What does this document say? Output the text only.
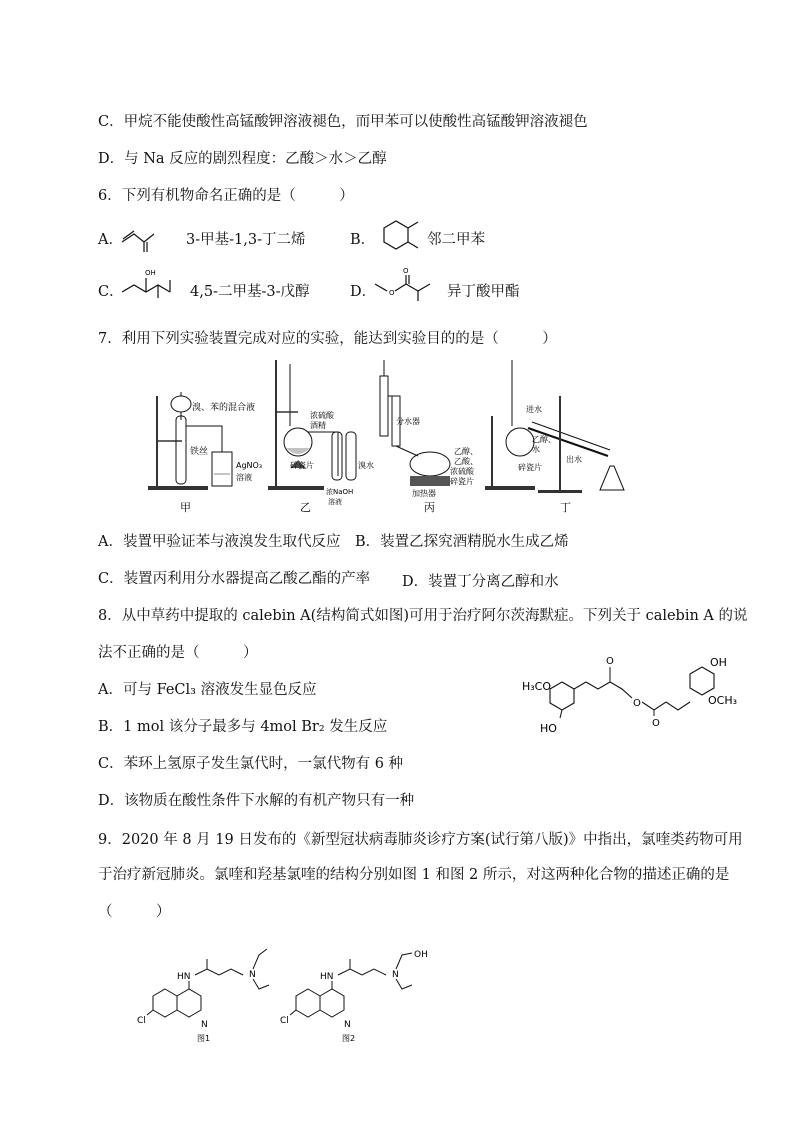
C．甲烷不能使酸性高锰酸钾溶液褪色，而甲苯可以使酸性高锰酸钾溶液褪色
D．与 Na 反应的剧烈程度：乙酸＞水＞乙醇
6．下列有机物命名正确的是（　　　）
A．	3-甲基-1,3-丁二烯	B．	邻二甲苯
C．
OH
4,5-二甲基-3-戊醇	D．
O
O	异丁酸甲酯
7．利用下列实验装置完成对应的实验，能达到实验目的的是（　　　）
溴、苯的混合液
铁丝
AgNO₃
溶液
甲
浓硫酸
酒精
碎瓷片	溴水
浓NaOH
溶液
乙
分水器
乙醇、
乙酸、
浓硫酸
碎瓷片
加热器
丙
进水
出水
乙醇、
水
碎瓷片
丁
A．装置甲验证苯与液溴发生取代反应　B．装置乙探究酒精脱水生成乙烯
C．装置丙利用分水器提高乙酸乙酯的产率 D．装置丁分离乙醇和水
8．从中草药中提取的 calebin A(结构简式如图)可用于治疗阿尔茨海默症。下列关于 calebin A 的说
法不正确的是（　　　）
A．可与 FeCl₃ 溶液发生显色反应
B．1 mol 该分子最多与 4mol Br₂ 发生反应
C．苯环上氢原子发生氯代时，一氯代物有 6 种
D．该物质在酸性条件下水解的有机产物只有一种
H₃CO
HO
O
O
O
OH
OCH₃
9．2020 年 8 月 19 日发布的《新型冠状病毒肺炎诊疗方案(试行第八版)》中指出，氯喹类药物可用
于治疗新冠肺炎。氯喹和羟基氯喹的结构分别如图 1 和图 2 所示，对这两种化合物的描述正确的是
（　　　）
HN	N
Cl	N
图1
HN	N
OH
Cl	N
图2
